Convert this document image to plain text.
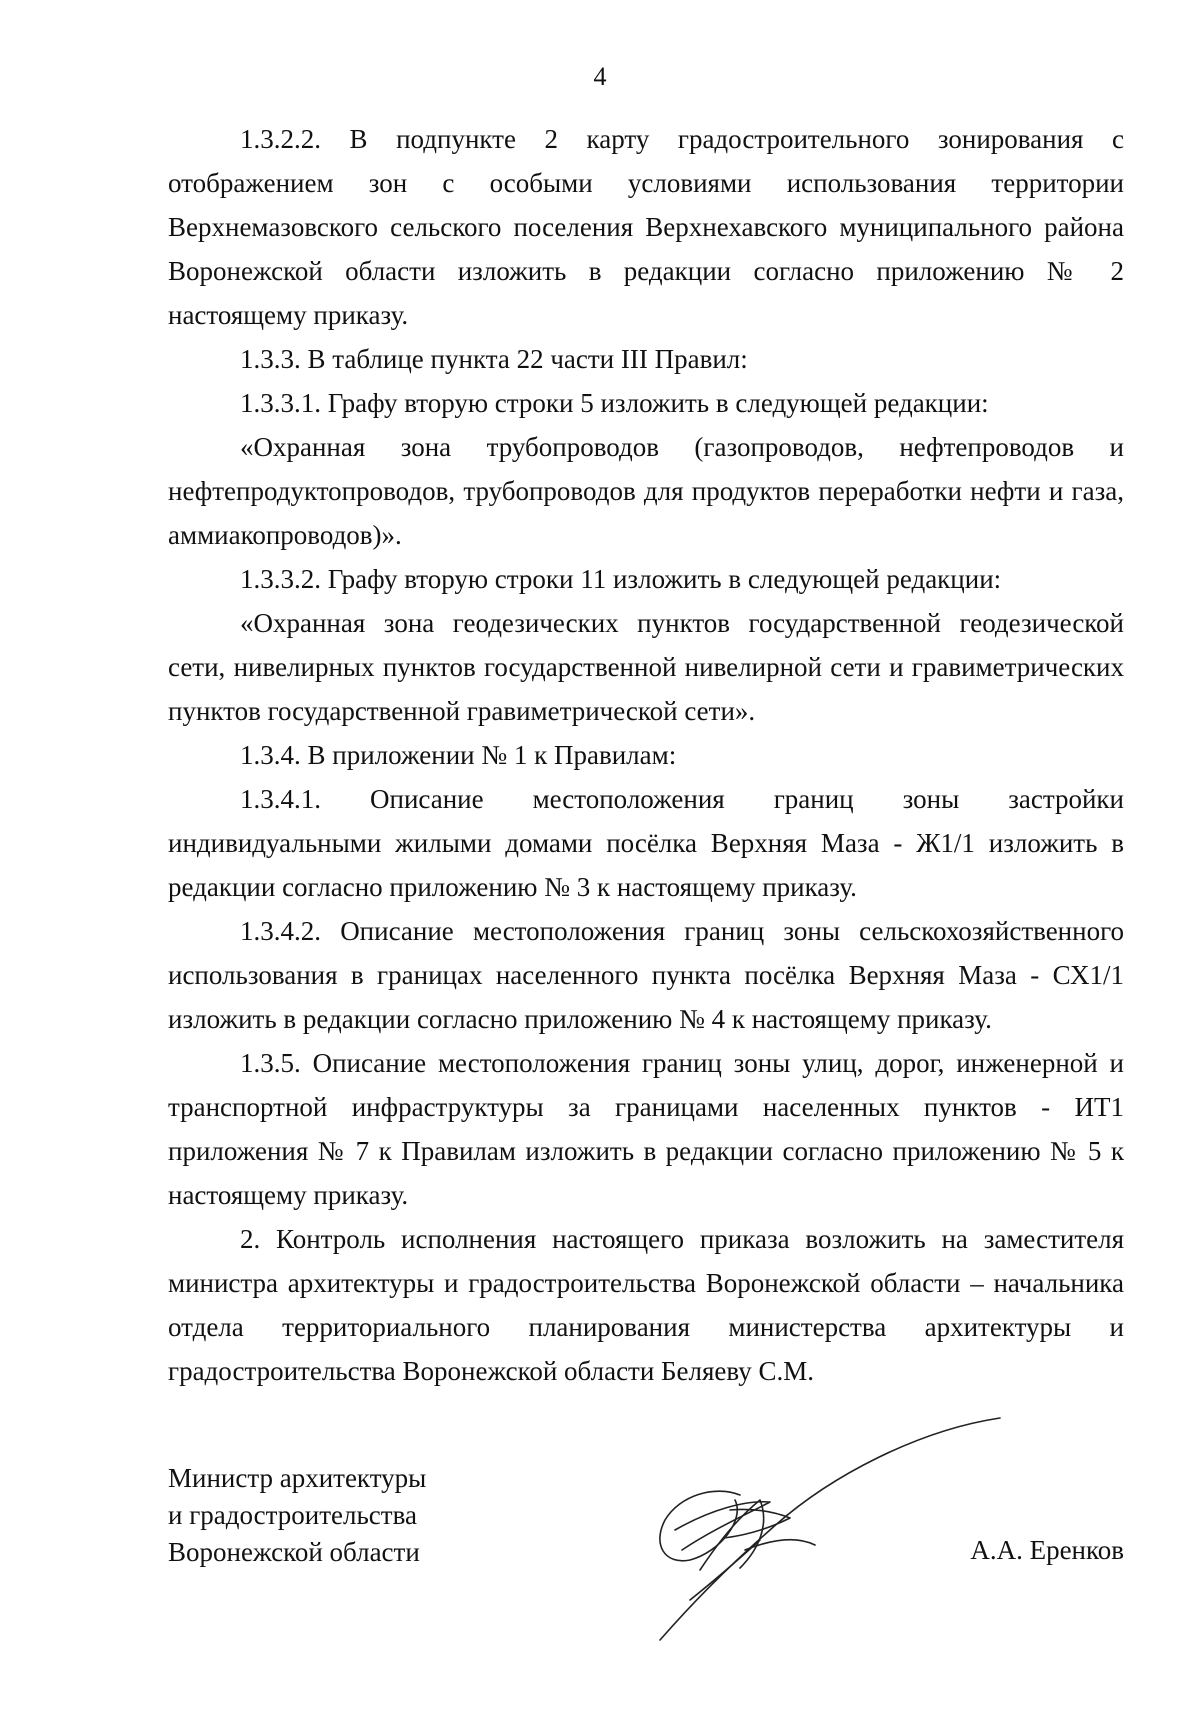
4

1.3.2.2. В подпункте 2 карту градостроительного зонирования с отображением зон с особыми условиями использования территории Верхнемазовского сельского поселения Верхнехавского муниципального района Воронежской области изложить в редакции согласно приложению № 2 настоящему приказу.

1.3.3. В таблице пункта 22 части III Правил:

1.3.3.1. Графу вторую строки 5 изложить в следующей редакции:

«Охранная зона трубопроводов (газопроводов, нефтепроводов и нефтепродуктопроводов, трубопроводов для продуктов переработки нефти и газа, аммиакопроводов)».

1.3.3.2. Графу вторую строки 11 изложить в следующей редакции:

«Охранная зона геодезических пунктов государственной геодезической сети, нивелирных пунктов государственной нивелирной сети и гравиметрических пунктов государственной гравиметрической сети».

1.3.4. В приложении № 1 к Правилам:

1.3.4.1. Описание местоположения границ зоны застройки индивидуальными жилыми домами посёлка Верхняя Маза - Ж1/1 изложить в редакции согласно приложению № 3 к настоящему приказу.

1.3.4.2. Описание местоположения границ зоны сельскохозяйственного использования в границах населенного пункта посёлка Верхняя Маза - СХ1/1 изложить в редакции согласно приложению № 4 к настоящему приказу.

1.3.5. Описание местоположения границ зоны улиц, дорог, инженерной и транспортной инфраструктуры за границами населенных пунктов - ИТ1 приложения № 7 к Правилам изложить в редакции согласно приложению № 5 к настоящему приказу.

2. Контроль исполнения настоящего приказа возложить на заместителя министра архитектуры и градостроительства Воронежской области – начальника отдела территориального планирования министерства архитектуры и градостроительства Воронежской области Беляеву С.М.

Министр архитектуры
и градостроительства
Воронежской области	А.А. Еренков
